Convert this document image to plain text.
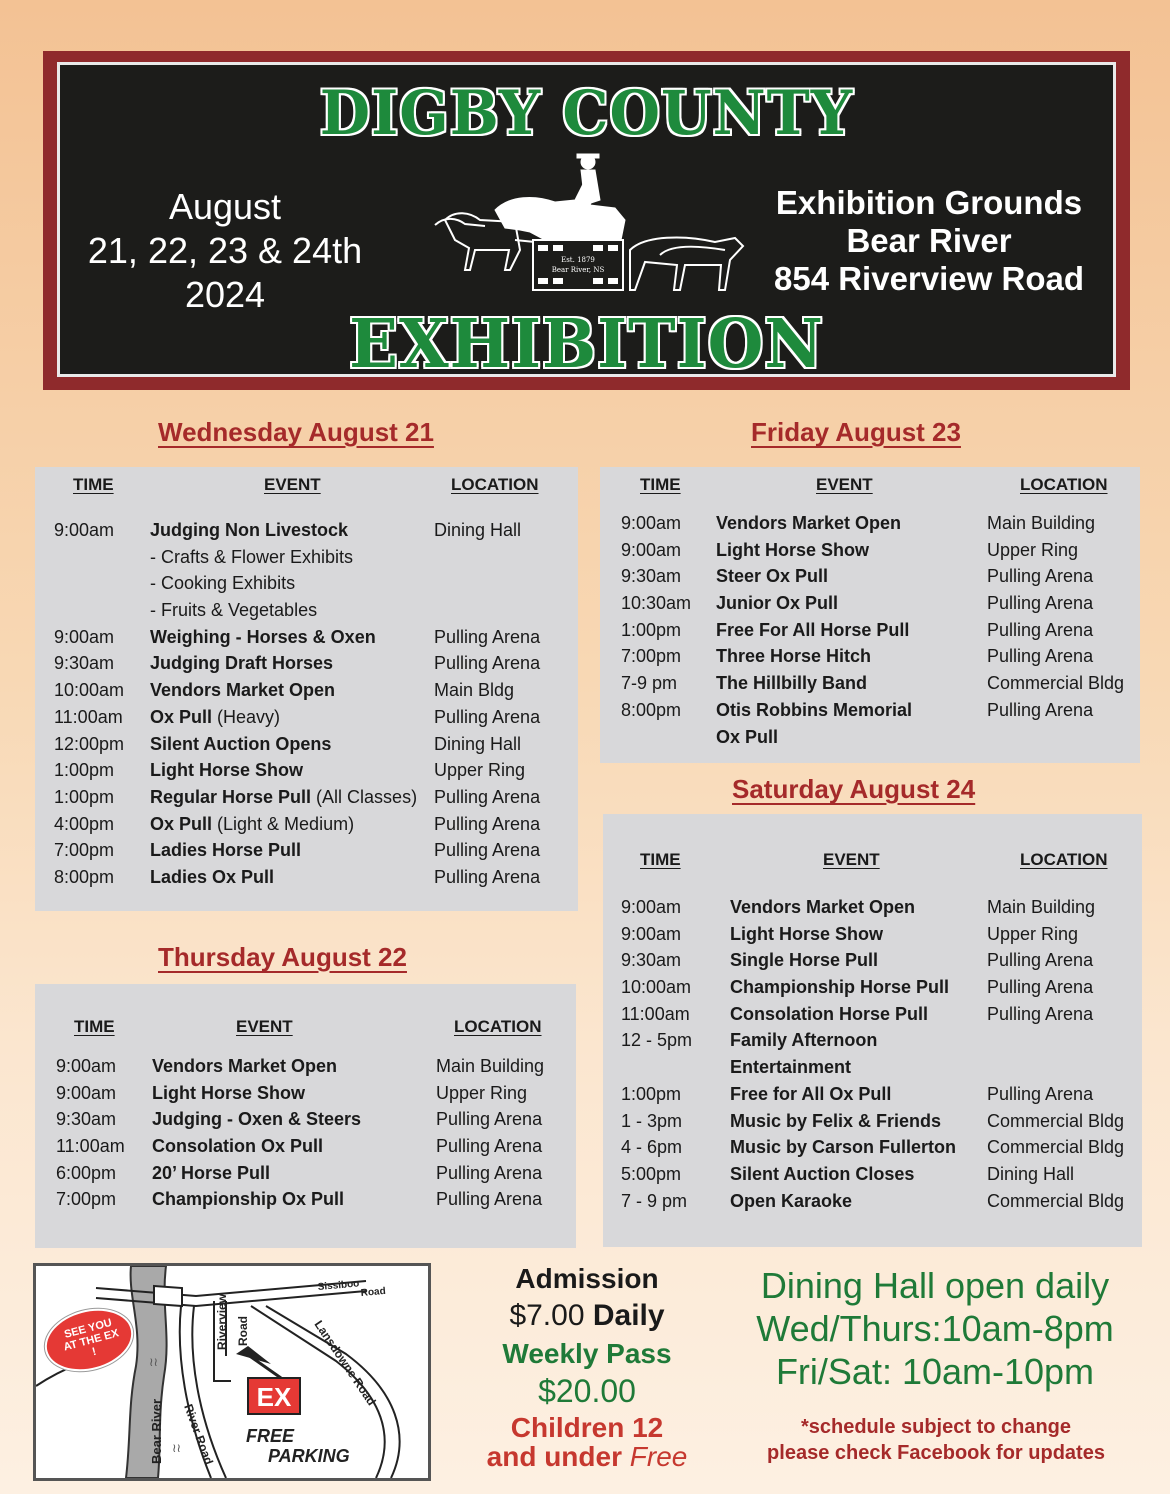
DIGBY COUNTY
August
21, 22, 23 & 24th
2024
Exhibition Grounds
Bear River
854 Riverview Road
Est. 1879
Bear River, NS
EXHIBITION
Wednesday August 21
TIME	EVENT	LOCATION
9:00am Judging Non Livestock	Dining Hall
- Crafts & Flower Exhibits
- Cooking Exhibits
- Fruits & Vegetables
9:00am Weighing - Horses & Oxen	Pulling Arena
9:30am Judging Draft Horses	Pulling Arena
10:00am Vendors Market Open	Main Bldg
11:00am Ox Pull (Heavy)	Pulling Arena
12:00pm Silent Auction Opens	Dining Hall
1:00pm Light Horse Show	Upper Ring
1:00pm Regular Horse Pull (All Classes) Pulling Arena
4:00pm Ox Pull (Light & Medium)	Pulling Arena
7:00pm Ladies Horse Pull	Pulling Arena
8:00pm Ladies Ox Pull	Pulling Arena
Thursday August 22
TIME	EVENT	LOCATION
9:00am Vendors Market Open	Main Building
9:00am Light Horse Show	Upper Ring
9:30am Judging - Oxen & Steers	Pulling Arena
11:00am Consolation Ox Pull	Pulling Arena
6:00pm 20’ Horse Pull	Pulling Arena
7:00pm Championship Ox Pull	Pulling Arena
Friday August 23
TIME	EVENT	LOCATION
9:00am Vendors Market Open	Main Building
9:00am Light Horse Show	Upper Ring
9:30am Steer Ox Pull	Pulling Arena
10:30am Junior Ox Pull	Pulling Arena
1:00pm Free For All Horse Pull	Pulling Arena
7:00pm Three Horse Hitch	Pulling Arena
7-9 pm The Hillbilly Band	Commercial Bldg
8:00pm Otis Robbins Memorial	Pulling Arena
Ox Pull
Saturday August 24
TIME	EVENT	LOCATION
9:00am	Vendors Market Open	Main Building
9:00am	Light Horse Show	Upper Ring
9:30am	Single Horse Pull	Pulling Arena
10:00am Championship Horse Pull Pulling Arena
11:00am Consolation Horse Pull	Pulling Arena
12 - 5pm Family Afternoon
Entertainment
1:00pm	Free for All Ox Pull	Pulling Arena
1 - 3pm	Music by Felix & Friends	Commercial Bldg
4 - 6pm	Music by Carson Fullerton Commercial Bldg
5:00pm	Silent Auction Closes	Dining Hall
7 - 9 pm Open Karaoke	Commercial Bldg
EX
FREE
PARKING
Sissiboo Road
Riverview Road	Lansdowne Road
Bear River River Road
≀≀
≀≀
SEE YOU AT THE EX !
Admission
$7.00 Daily
Weekly Pass
$20.00
Children 12
and under Free
Dining Hall open daily
Wed/Thurs:10am-8pm
Fri/Sat: 10am-10pm
*schedule subject to change
please check Facebook for updates
